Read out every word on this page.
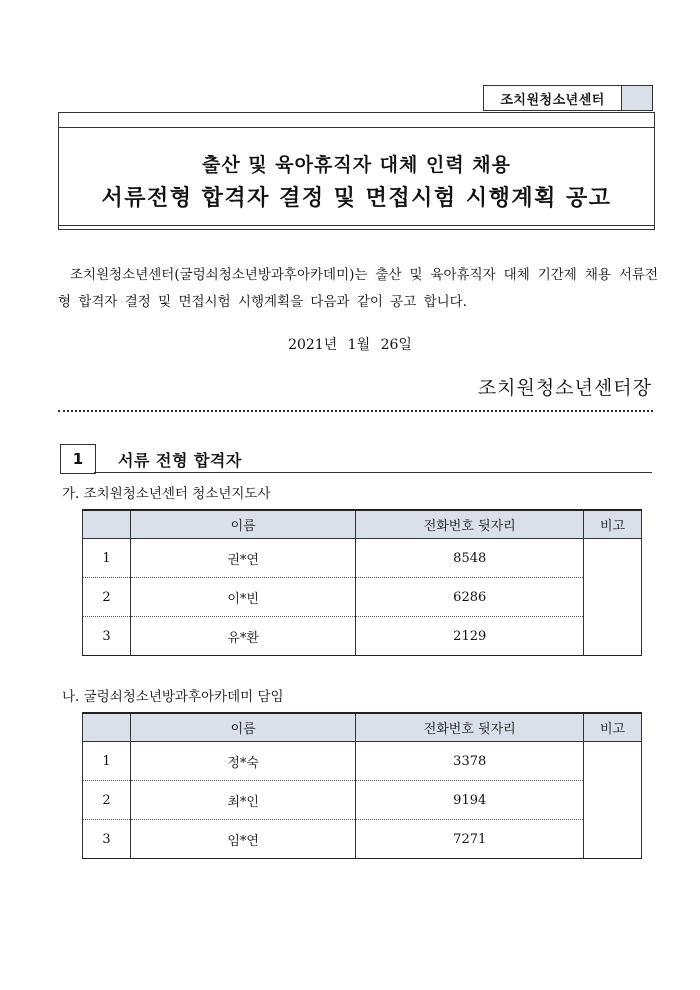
조치원청소년센터
출산 및 육아휴직자 대체 인력 채용
서류전형 합격자 결정 및 면접시험 시행계획 공고
조치원청소년센터(굴렁쇠청소년방과후아카데미)는 출산 및 육아휴직자 대체 기간제 채용 서류전형 합격자 결정 및 면접시험 시행계획을 다음과 같이 공고 합니다.
2021년 1월 26일
조치원청소년센터장
1	서류 전형 합격자
가. 조치원청소년센터 청소년지도사
	이름	전화번호 뒷자리	비고
1	권*연	8548	
2	이*빈	6286	
3	유*환	2129	
나. 굴렁쇠청소년방과후아카데미 담임
	이름	전화번호 뒷자리	비고
1	정*숙	3378	
2	최*인	9194	
3	임*연	7271	
